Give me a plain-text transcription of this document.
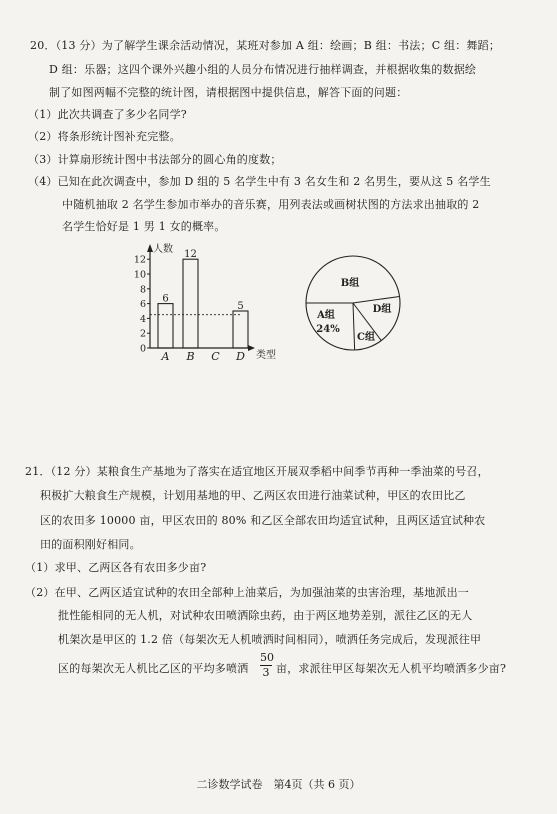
20．（13 分）为了解学生课余活动情况，某班对参加 A 组：绘画；B 组：书法；C 组：舞蹈；
D 组：乐器；这四个课外兴趣小组的人员分布情况进行抽样调查，并根据收集的数据绘
制了如图两幅不完整的统计图，请根据图中提供信息，解答下面的问题：
（1）此次共调查了多少名同学?
（2）将条形统计图补充完整。
（3）计算扇形统计图中书法部分的圆心角的度数；
（4）已知在此次调查中，参加 D 组的 5 名学生中有 3 名女生和 2 名男生，要从这 5 名学生
中随机抽取 2 名学生参加市举办的音乐赛，用列表法或画树状图的方法求出抽取的 2
名学生恰好是 1 男 1 女的概率。
人数
类型
0
2
4
6
8
10
12
6
A
12
B C
5
D
B组
A组
24%
D组
C组
21．（12 分）某粮食生产基地为了落实在适宜地区开展双季稻中间季节再种一季油菜的号召，
积极扩大粮食生产规模，计划用基地的甲、乙两区农田进行油菜试种，甲区的农田比乙
区的农田多 10000 亩，甲区农田的 80% 和乙区全部农田均适宜试种，且两区适宜试种农
田的面积刚好相同。
（1）求甲、乙两区各有农田多少亩?
（2）在甲、乙两区适宜试种的农田全部种上油菜后，为加强油菜的虫害治理，基地派出一
批性能相同的无人机，对试种农田喷洒除虫药，由于两区地势差别，派往乙区的无人
机架次是甲区的 1.2 倍（每架次无人机喷洒时间相同），喷洒任务完成后，发现派往甲
区的每架次无人机比乙区的平均多喷洒
50
3 亩，求派往甲区每架次无人机平均喷洒多少亩?
二诊数学试卷　第4页（共 6 页）
